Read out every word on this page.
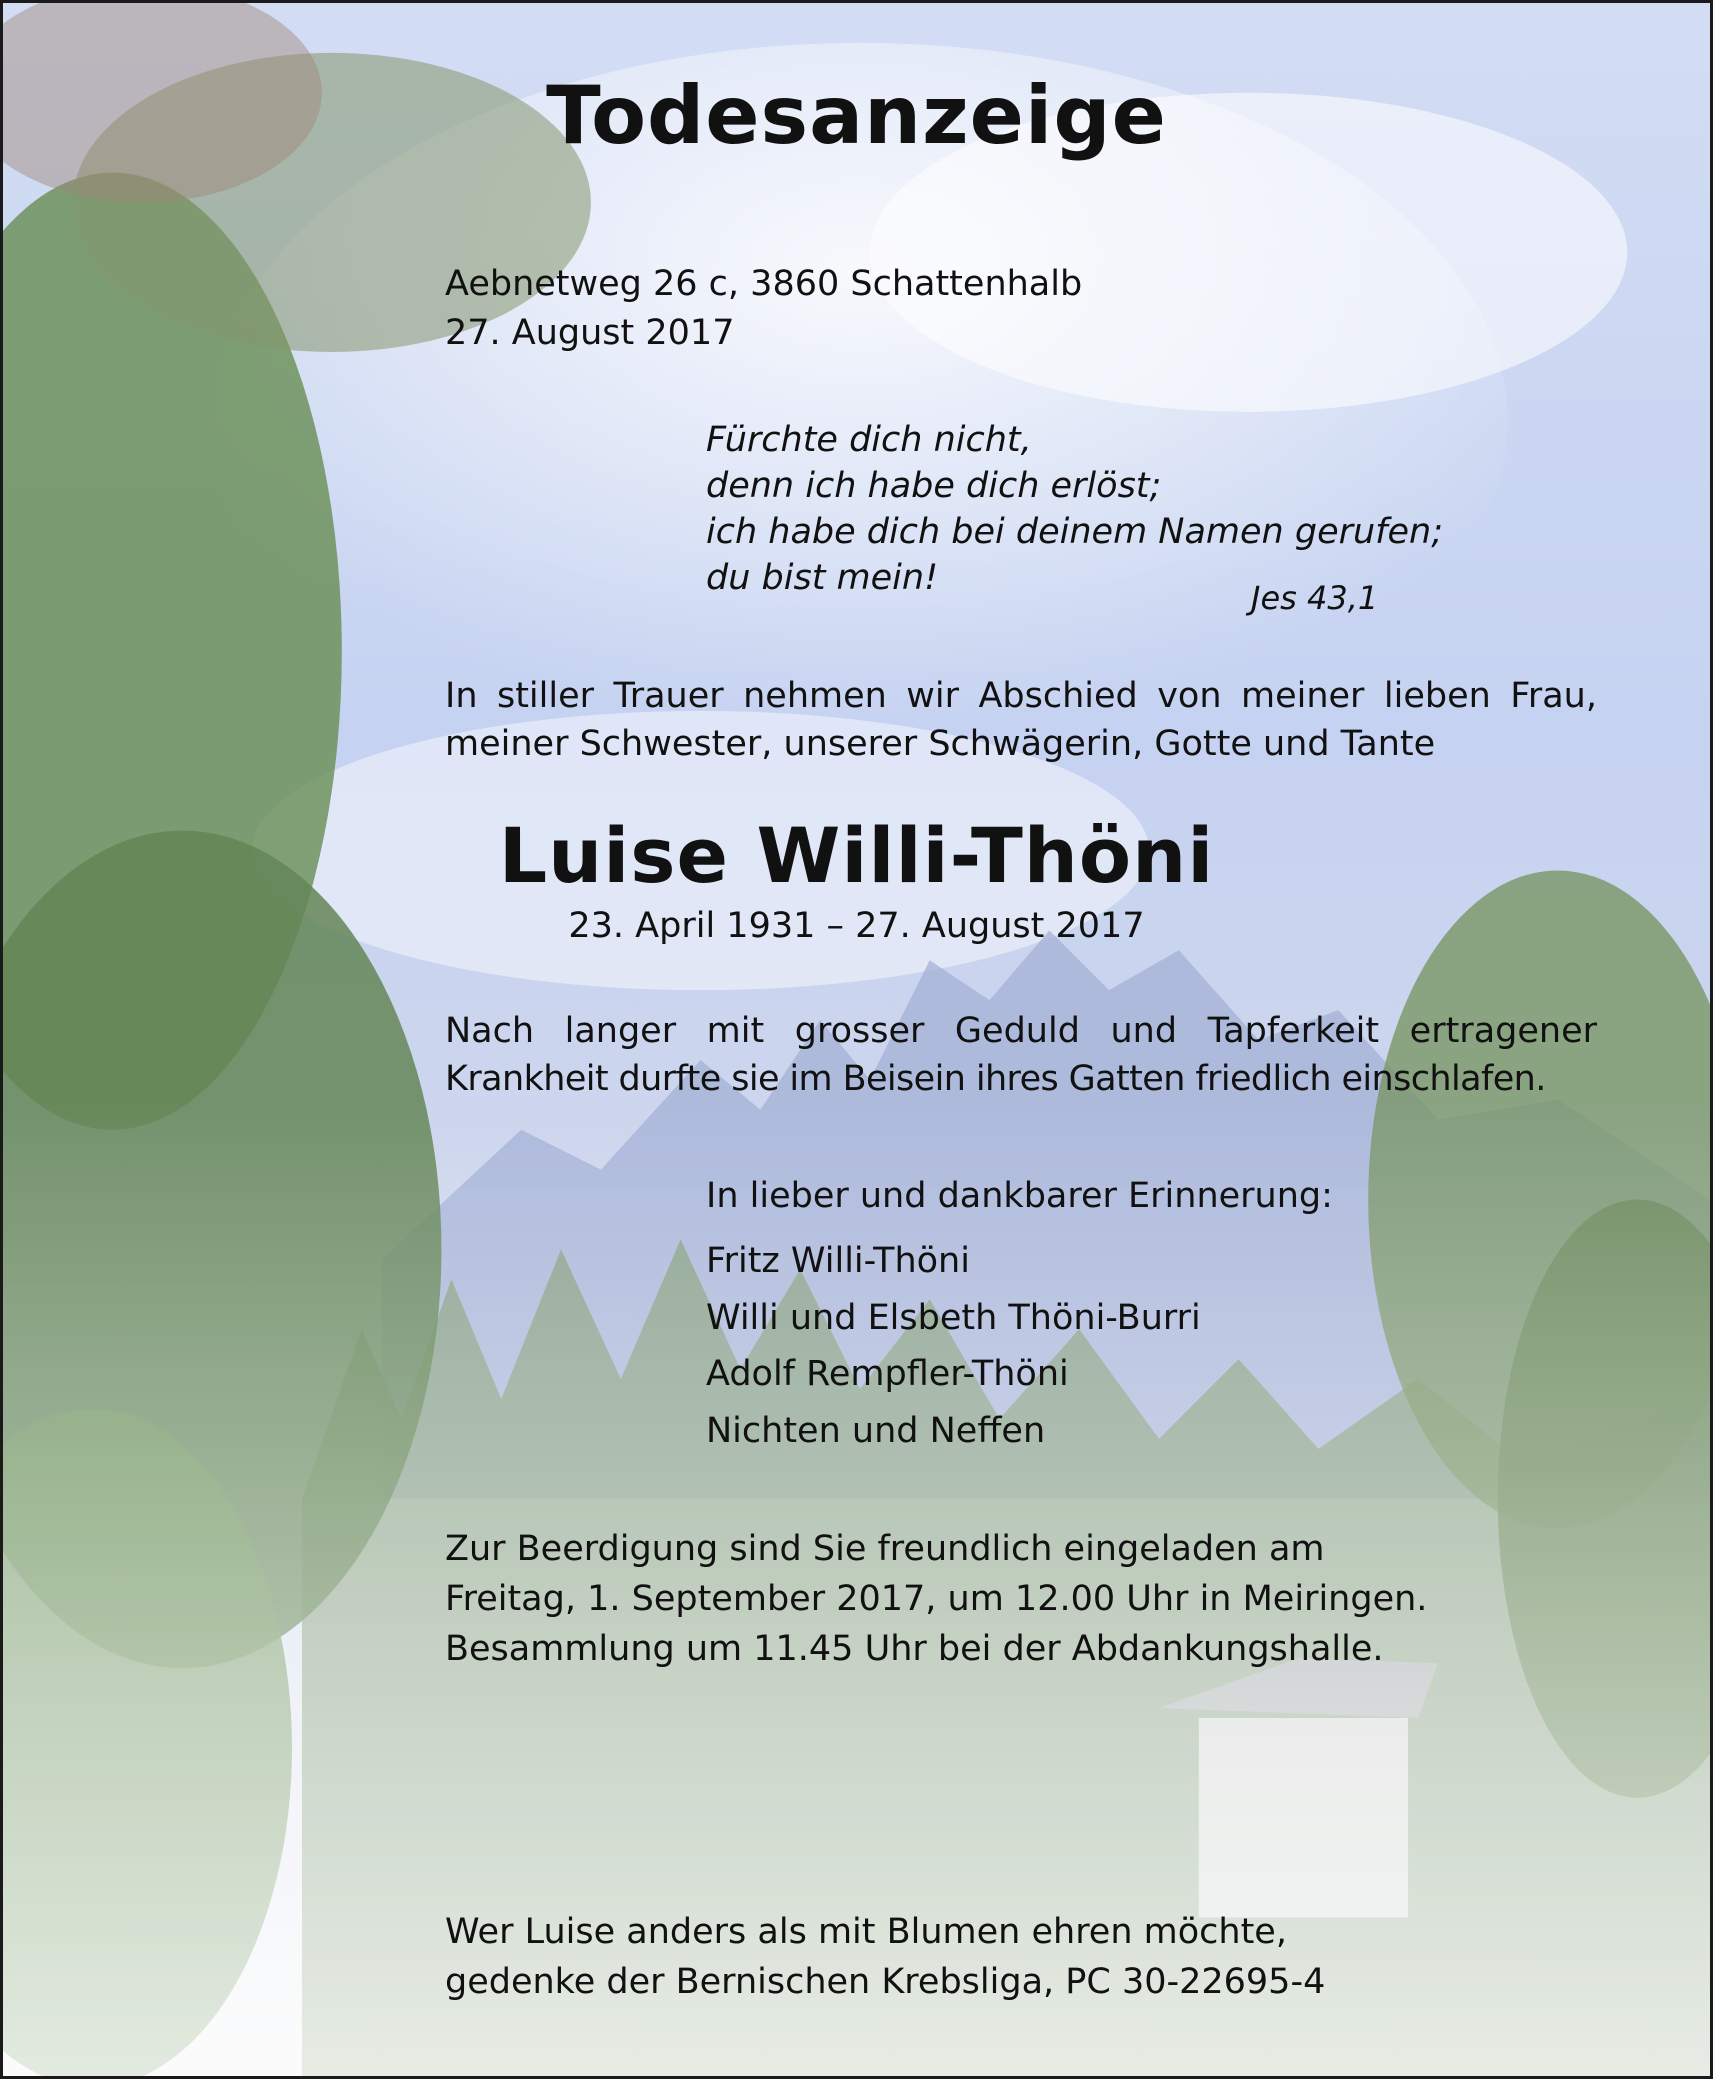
Todesanzeige

Aebnetweg 26 c, 3860 Schattenhalb

27. August 2017

Fürchte dich nicht,

denn ich habe dich erlöst;

ich habe dich bei deinem Namen gerufen;

du bist mein!	Jes 43,1

In stiller Trauer nehmen wir Abschied von meiner lieben Frau,

meiner Schwester, unserer Schwägerin, Gotte und Tante

Luise Willi-Thöni

23. April 1931 – 27. August 2017

Nach langer mit grosser Geduld und Tapferkeit ertragener

Krankheit durfte sie im Beisein ihres Gatten friedlich einschlafen.

In lieber und dankbarer Erinnerung:

Fritz Willi-Thöni
Willi und Elsbeth Thöni-Burri
Adolf Rempfler-Thöni
Nichten und Neffen

Zur Beerdigung sind Sie freundlich eingeladen am

Freitag, 1. September 2017, um 12.00 Uhr in Meiringen.

Besammlung um 11.45 Uhr bei der Abdankungshalle.

Wer Luise anders als mit Blumen ehren möchte,

gedenke der Bernischen Krebsliga, PC 30-22695-4
